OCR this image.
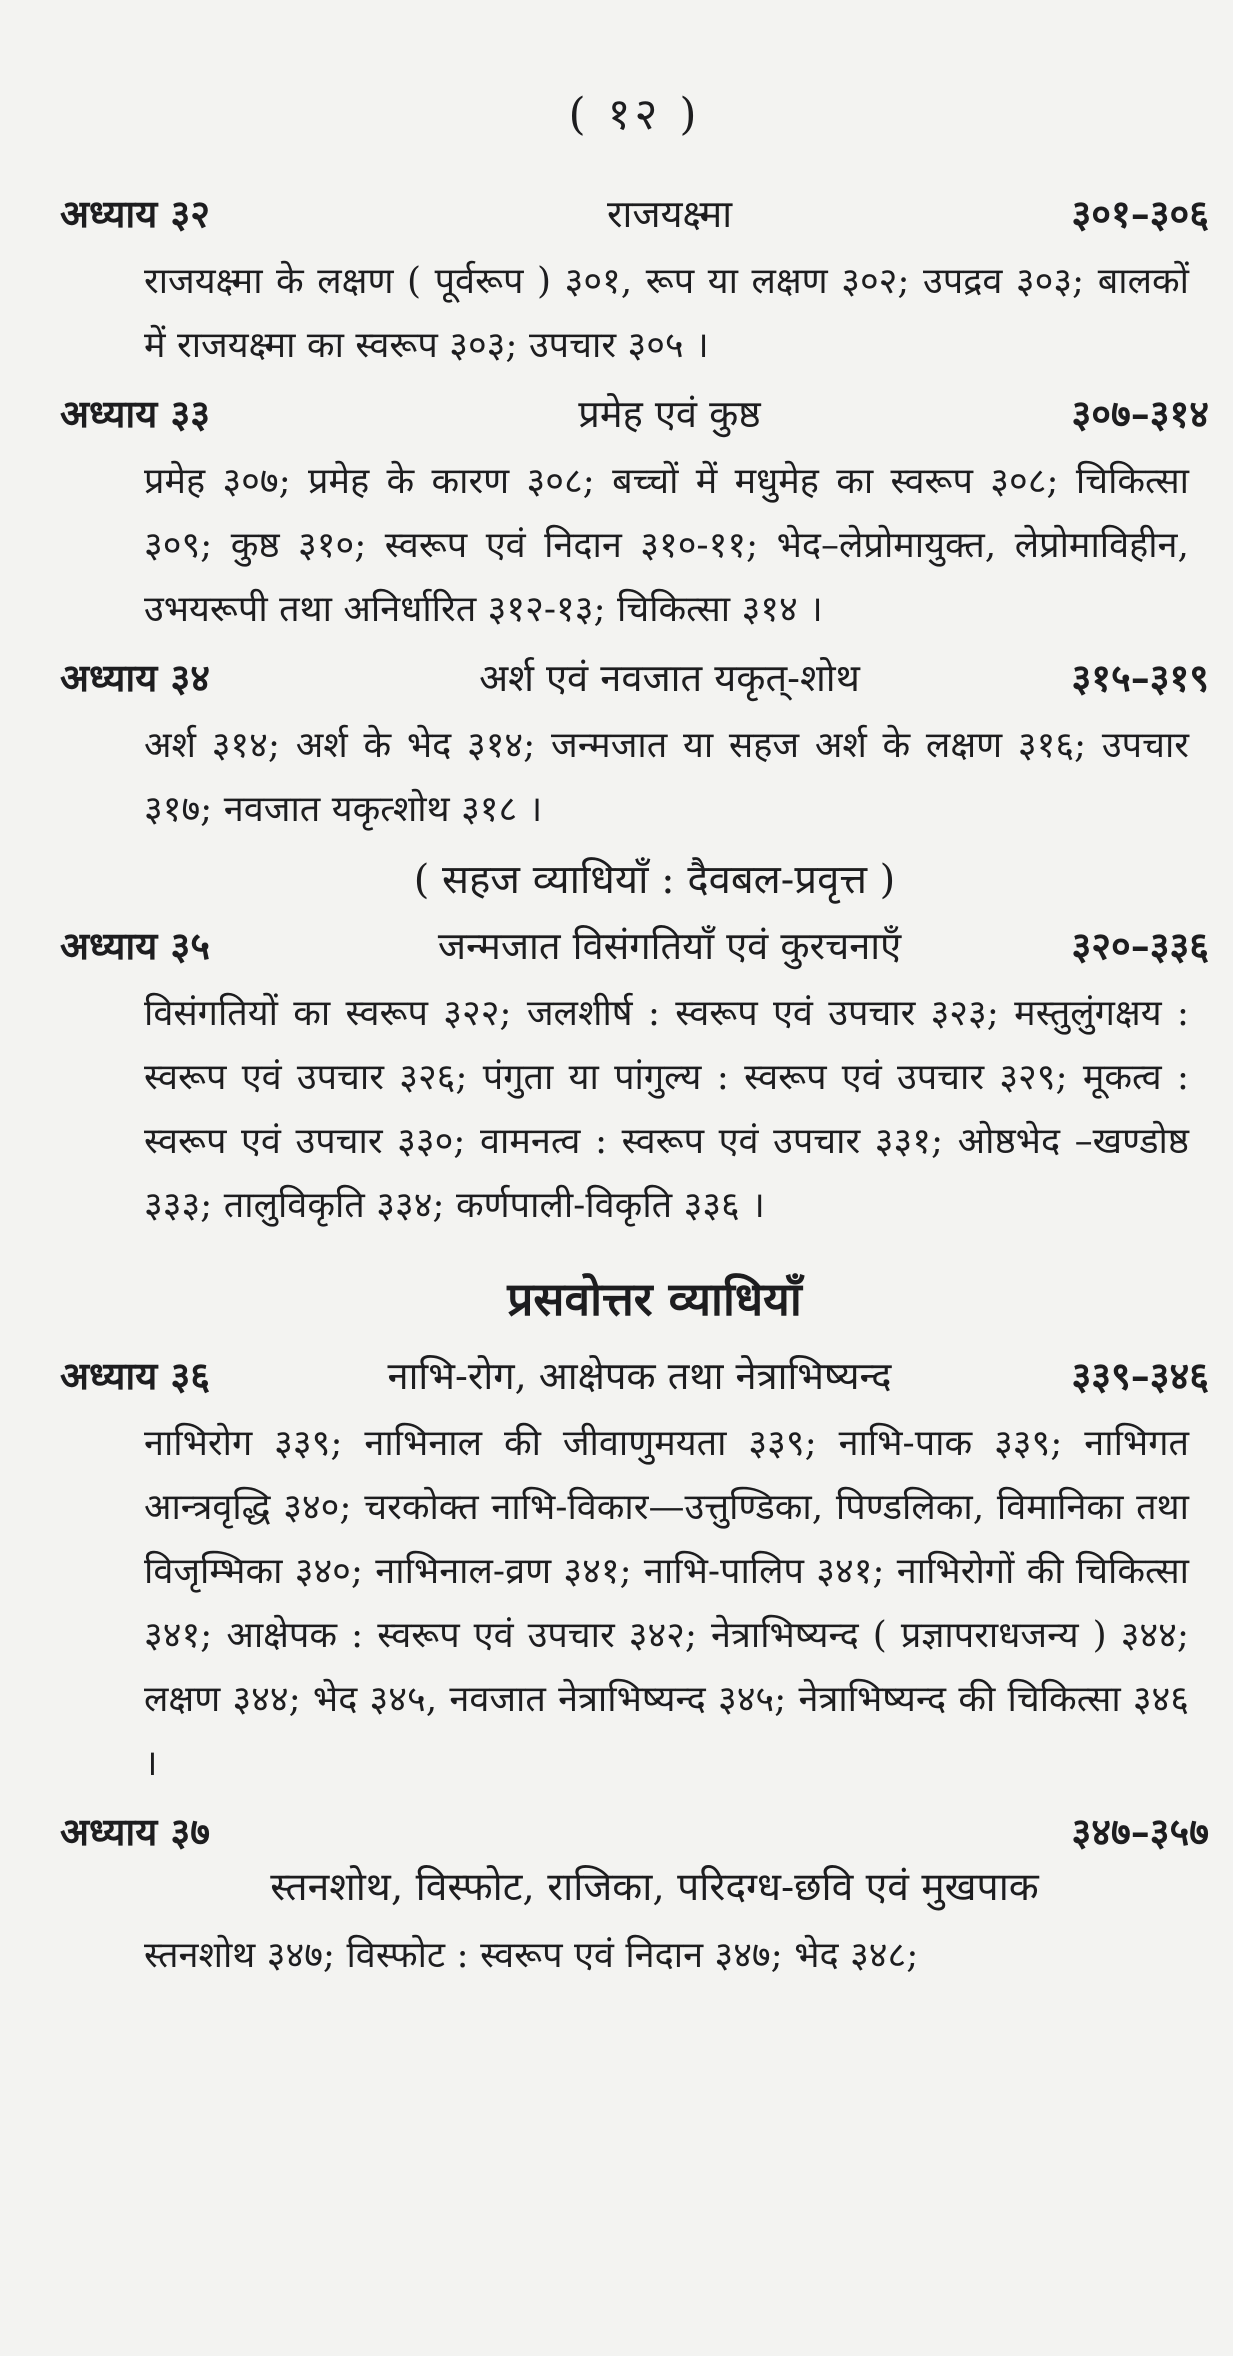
( १२ )
अध्याय ३२	राजयक्ष्मा	३०१–३०६
राजयक्ष्मा के लक्षण ( पूर्वरूप ) ३०१, रूप या लक्षण ३०२; उपद्रव ३०३; बालकों में राजयक्ष्मा का स्वरूप ३०३; उपचार ३०५ ।
अध्याय ३३	प्रमेह एवं कुष्ठ	३०७–३१४
प्रमेह ३०७; प्रमेह के कारण ३०८; बच्चों में मधुमेह का स्वरूप ३०८; चिकित्सा ३०९; कुष्ठ ३१०; स्वरूप एवं निदान ३१०-११; भेद–लेप्रोमायुक्त, लेप्रोमाविहीन, उभयरूपी तथा अनिर्धारित ३१२-१३; चिकित्सा ३१४ ।
अध्याय ३४	अर्श एवं नवजात यकृत्-शोथ	३१५–३१९
अर्श ३१४; अर्श के भेद ३१४; जन्मजात या सहज अर्श के लक्षण ३१६; उपचार ३१७; नवजात यकृत्शोथ ३१८ ।
( सहज व्याधियाँ : दैवबल-प्रवृत्त )
अध्याय ३५	जन्मजात विसंगतियाँ एवं कुरचनाएँ	३२०–३३६
विसंगतियों का स्वरूप ३२२; जलशीर्ष : स्वरूप एवं उपचार ३२३; मस्तुलुंगक्षय : स्वरूप एवं उपचार ३२६; पंगुता या पांगुल्य : स्वरूप एवं उपचार ३२९; मूकत्व : स्वरूप एवं उपचार ३३०; वामनत्व : स्वरूप एवं उपचार ३३१; ओष्ठभेद –खण्डोष्ठ ३३३; तालुविकृति ३३४; कर्णपाली-विकृति ३३६ ।
प्रसवोत्तर व्याधियाँ
अध्याय ३६	नाभि-रोग, आक्षेपक तथा नेत्राभिष्यन्द	३३९–३४६
नाभिरोग ३३९; नाभिनाल की जीवाणुमयता ३३९; नाभि-पाक ३३९; नाभिगत आन्त्रवृद्धि ३४०; चरकोक्त नाभि-विकार—उत्तुण्डिका, पिण्डलिका, विमानिका तथा विजृम्भिका ३४०; नाभिनाल-व्रण ३४१; नाभि-पालिप ३४१; नाभिरोगों की चिकित्सा ३४१; आक्षेपक : स्वरूप एवं उपचार ३४२; नेत्राभिष्यन्द ( प्रज्ञापराधजन्य ) ३४४; लक्षण ३४४; भेद ३४५, नवजात नेत्राभिष्यन्द ३४५; नेत्राभिष्यन्द की चिकित्सा ३४६ ।
अध्याय ३७	३४७–३५७
स्तनशोथ, विस्फोट, राजिका, परिदग्ध-छवि एवं मुखपाक
स्तनशोथ ३४७; विस्फोट : स्वरूप एवं निदान ३४७; भेद ३४८;
